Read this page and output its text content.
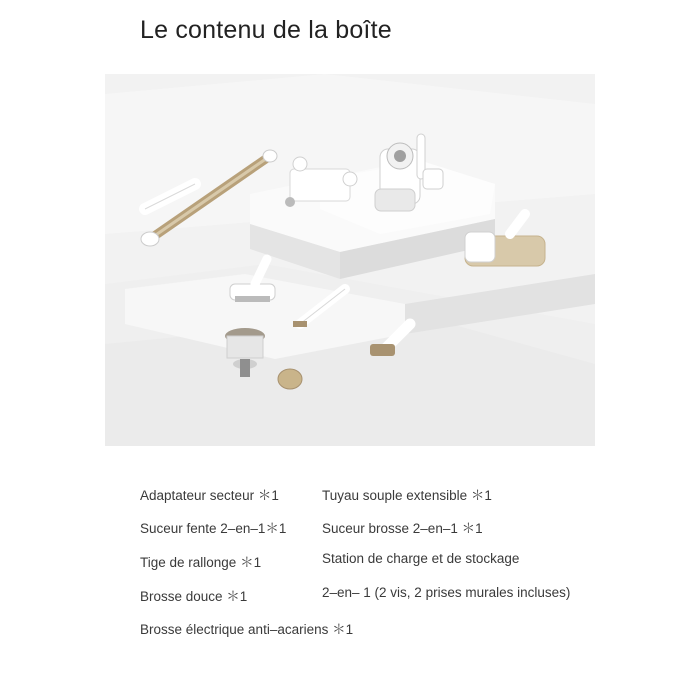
Le contenu de la boîte
Adaptateur secteur ＊1
Suceur fente 2–en–1＊1
Tige de rallonge ＊1
Brosse douce ＊1
Brosse électrique anti–acariens ＊1
Tuyau souple extensible ＊1
Suceur brosse 2–en–1 ＊1
Station de charge et de stockage
2–en– 1 (2 vis, 2 prises murales incluses)
